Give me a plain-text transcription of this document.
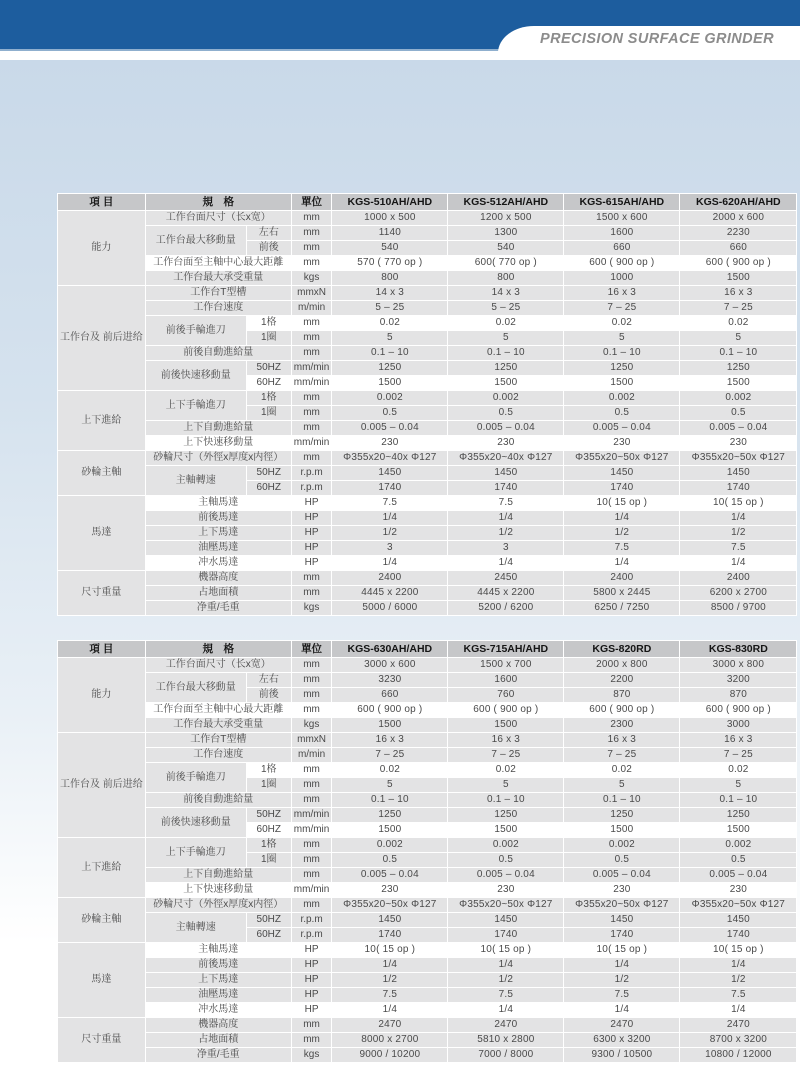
PRECISION SURFACE GRINDER
項 目	規　格		單位	KGS-510AH/AHD	KGS-512AH/AHD	KGS-615AH/AHD	KGS-620AH/AHD
能力	工作台面尺寸（长x宽）		mm	1000 x 500	1200 x 500	1500 x 600	2000 x 600
	工作台最大移動量	左右	mm	1140	1300	1600	2230
		前後	mm	540	540	660	660
	工作台面至主軸中心最大距離		mm	570 ( 770 op )	600( 770 op )	600 ( 900 op )	600 ( 900 op )
	工作台最大承受重量		kgs	800	800	1000	1500
工作台及 前后进给	工作台T型槽		mmxN	14 x 3	14 x 3	16 x 3	16 x 3
	工作台速度		m/min	5 – 25	5 – 25	7 – 25	7 – 25
	前後手輪進刀	1格	mm	0.02	0.02	0.02	0.02
		1圈	mm	5	5	5	5
	前後自動進給量		mm	0.1 – 10	0.1 – 10	0.1 – 10	0.1 – 10
	前後快速移動量	50HZ	mm/min	1250	1250	1250	1250
		60HZ	mm/min	1500	1500	1500	1500
上下進給	上下手輪進刀	1格	mm	0.002	0.002	0.002	0.002
		1圈	mm	0.5	0.5	0.5	0.5
	上下自動進給量		mm	0.005 – 0.04	0.005 – 0.04	0.005 – 0.04	0.005 – 0.04
	上下快速移動量		mm/min	230	230	230	230
砂輪主軸	砂輪尺寸（外徑x厚度x内徑）		mm	Φ355x20~40x Φ127	Φ355x20~40x Φ127	Φ355x20~50x Φ127	Φ355x20~50x Φ127
	主軸轉速	50HZ	r.p.m	1450	1450	1450	1450
		60HZ	r.p.m	1740	1740	1740	1740
馬達	主軸馬達		HP	7.5	7.5	10( 15 op )	10( 15 op )
	前後馬達		HP	1/4	1/4	1/4	1/4
	上下馬達		HP	1/2	1/2	1/2	1/2
	油壓馬達		HP	3	3	7.5	7.5
	冲水馬達		HP	1/4	1/4	1/4	1/4
尺寸重量	機器高度		mm	2400	2450	2400	2400
	占地面積		mm	4445 x 2200	4445 x 2200	5800 x 2445	6200 x 2700
	净重/毛重		kgs	5000 / 6000	5200 / 6200	6250 / 7250	8500 / 9700
項 目	規　格		單位	KGS-630AH/AHD	KGS-715AH/AHD	KGS-820RD	KGS-830RD
能力	工作台面尺寸（长x宽）		mm	3000 x 600	1500 x 700	2000 x 800	3000 x 800
	工作台最大移動量	左右	mm	3230	1600	2200	3200
		前後	mm	660	760	870	870
	工作台面至主軸中心最大距離		mm	600 ( 900 op )	600 ( 900 op )	600 ( 900 op )	600 ( 900 op )
	工作台最大承受重量		kgs	1500	1500	2300	3000
工作台及 前后进给	工作台T型槽		mmxN	16 x 3	16 x 3	16 x 3	16 x 3
	工作台速度		m/min	7 – 25	7 – 25	7 – 25	7 – 25
	前後手輪進刀	1格	mm	0.02	0.02	0.02	0.02
		1圈	mm	5	5	5	5
	前後自動進給量		mm	0.1 – 10	0.1 – 10	0.1 – 10	0.1 – 10
	前後快速移動量	50HZ	mm/min	1250	1250	1250	1250
		60HZ	mm/min	1500	1500	1500	1500
上下進給	上下手輪進刀	1格	mm	0.002	0.002	0.002	0.002
		1圈	mm	0.5	0.5	0.5	0.5
	上下自動進給量		mm	0.005 – 0.04	0.005 – 0.04	0.005 – 0.04	0.005 – 0.04
	上下快速移動量		mm/min	230	230	230	230
砂輪主軸	砂輪尺寸（外徑x厚度x内徑）		mm	Φ355x20~50x Φ127	Φ355x20~50x Φ127	Φ355x20~50x Φ127	Φ355x20~50x Φ127
	主軸轉速	50HZ	r.p.m	1450	1450	1450	1450
		60HZ	r.p.m	1740	1740	1740	1740
馬達	主軸馬達		HP	10( 15 op )	10( 15 op )	10( 15 op )	10( 15 op )
	前後馬達		HP	1/4	1/4	1/4	1/4
	上下馬達		HP	1/2	1/2	1/2	1/2
	油壓馬達		HP	7.5	7.5	7.5	7.5
	冲水馬達		HP	1/4	1/4	1/4	1/4
尺寸重量	機器高度		mm	2470	2470	2470	2470
	占地面積		mm	8000 x 2700	5810 x 2800	6300 x 3200	8700 x 3200
	净重/毛重		kgs	9000 / 10200	7000 / 8000	9300 / 10500	10800 / 12000
